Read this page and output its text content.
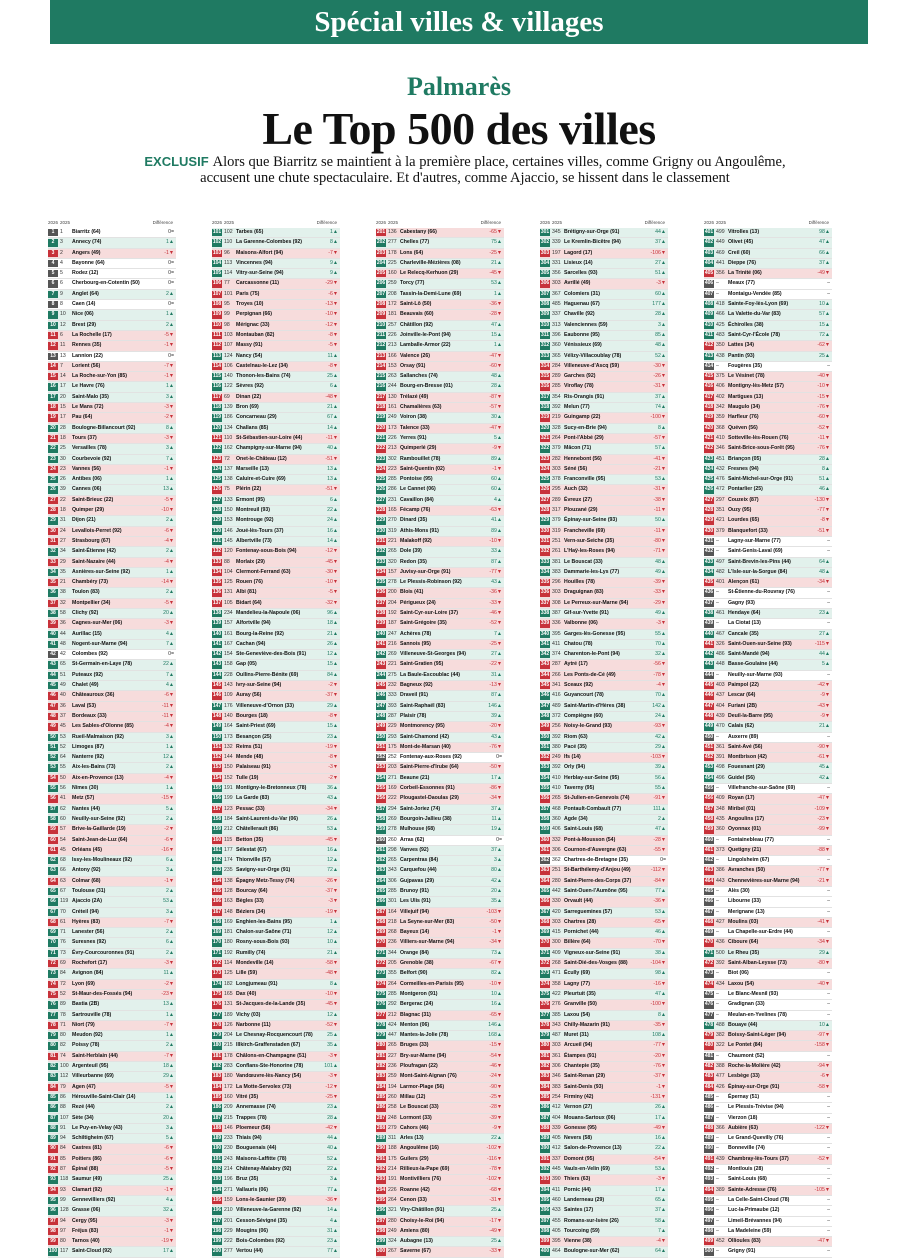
Spécial villes & villages
Palmarès
Le Top 500 des villes
EXCLUSIF Alors que Biarritz se maintient à la première place, certaines villes, comme Grigny ou Angoulême, accusent une chute spectaculaire. Et d'autres, comme Ajaccio, se hissent dans le classement
2026 2025	Différence
1	1 Biarritz (64)	0=
2	3 Annecy (74)	1▲
3	2 Angers (49)	-1▼
4	4 Bayonne (64)	0=
5	5 Rodez (12)	0=
6	6 Cherbourg-en-Cotentin (50)	0=
7	9 Anglet (64)	2▲
8	8 Caen (14)	0=
9	10 Nice (06)	1▲
10 12 Brest (29)	2▲
11 6 La Rochelle (17)	-5▼
12 11 Rennes (35)	-1▼
13 13 Lannion (22)	0=
14 7 Lorient (56)	-7▼
15 14 La Roche-sur-Yon (85)	-1▼
16 17 Le Havre (76)	1▲
17 20 Saint-Malo (35)	3▲
18 15 Le Mans (72)	-3▼
19 17 Pau (64)	-2▼
20 28 Boulogne-Billancourt (92)	8▲
21 18 Tours (37)	-3▼
22 25 Versailles (78)	3▲
23 30 Courbevoie (92)	7▲
24 23 Vannes (56)	-1▼
25 26 Antibes (06)	1▲
26 39 Cannes (06)	13▲
27 22 Saint-Brieuc (22)	-5▼
28 18 Quimper (29)	-10▼
29 31 Dijon (21)	2▲
30 24 Levallois-Perret (92)	-6▼
31 27 Strasbourg (67)	-4▼
32 34 Saint-Étienne (42)	2▲
33 29 Saint-Nazaire (44)	-4▼
34 35 Asnières-sur-Seine (92)	1▲
35 21 Chambéry (73)	-14▼
36 38 Toulon (83)	2▲
37 32 Montpellier (34)	-5▼
38 58 Clichy (92)	20▲
39 36 Cagnes-sur-Mer (06)	-3▼
40 44 Aurillac (15)	4▲
41 48 Nogent-sur-Marne (94)	7▲
42 42 Colombes (92)	0=
43 65 St-Germain-en-Laye (78)	22▲
44 51 Puteaux (92)	7▲
45 49 Chalet (49)	4▲
46 40 Châteauroux (36)	-6▼
47 36 Laval (53)	-11▼
48 37 Bordeaux (33)	-11▼
49 45 Les Sables-d'Olonne (85)	-4▼
50 53 Rueil-Malmaison (92)	3▲
51 52 Limoges (87)	1▲
52 64 Nanterre (92)	12▲
53 55 Aix-les-Bains (73)	2▲
54 50 Aix-en-Provence (13)	-4▼
55 56 Nîmes (30)	1▲
56 41 Metz (57)	-15▼
57 62 Nantes (44)	5▲
58 60 Neuilly-sur-Seine (92)	2▲
59 57 Brive-la-Gaillarde (19)	-2▼
60 54 Saint-Jean-de-Luz (64)	-6▼
61 45 Orléans (45)	-16▼
62 68 Issy-les-Moulineaux (92)	6▲
63 66 Antony (92)	3▲
64 63 Colmar (68)	-1▼
65 67 Toulouse (31)	2▲
66 119 Ajaccio (2A)	53▲
67 70 Créteil (94)	3▲
68 61 Hyères (83)	-7▼
69 71 Lanester (56)	2▲
70 76 Suresnes (92)	6▲
71 73 Évry-Courcouronnes (91)	2▲
72 69 Rochefort (17)	-3▼
73 84 Avignon (84)	11▲
74 72 Lyon (69)	-2▼
75 52 St-Maur-des-Fossés (94)	-23▼
76 89 Bastia (2B)	13▲
77 78 Sartrouville (78)	1▲
78 71 Niort (79)	-7▼
79 80 Meudon (92)	1▲
80 82 Poissy (78)	2▲
81 74 Saint-Herblain (44)	-7▼
82 100 Argenteuil (95)	18▲
83 112 Villeurbanne (69)	29▲
84 79 Agen (47)	-5▼
85 86 Hérouville-Saint-Clair (14)	1▲
86 88 Rezé (44)	2▲
87 107 Sète (34)	20▲
88 91 Le Puy-en-Velay (43)	3▲
89 94 Schiltigheim (67)	5▲
90 84 Castres (81)	-6▼
91 85 Poitiers (86)	-6▼
92 87 Épinal (88)	-5▼
93 118 Saumur (49)	25▲
94 93 Clamart (92)	-1▼
95 99 Gennevilliers (92)	4▲
96 128 Grasse (06)	32▲
97 94 Cergy (95)	-3▼
98 97 Fréjus (83)	-1▼
99 80 Tarnos (40)	-19▼
100 117 Saint-Cloud (92)	17▲
2026 2025	Différence
101 102 Tarbes (65)	1▲
102 110 La Garenne-Colombes (92)	8▲
103 96 Maisons-Alfort (94)	-7▼
104 113 Vincennes (94)	9▲
105 114 Vitry-sur-Seine (94)	9▲
106 77 Carcassonne (11)	-29▼
107 101 Paris (75)	-6▼
108 95 Troyes (10)	-13▼
109 99 Perpignan (66)	-10▼
110 98 Mérignac (33)	-12▼
111 103 Montauban (82)	-8▼
112 107 Massy (91)	-5▼
113 124 Nancy (54)	11▲
114 106 Castelnau-le-Lez (34)	-8▼
115 140 Thonon-les-Bains (74)	25▲
116 122 Sèvres (92)	6▲
117 69 Dinan (22)	-48▼
118 139 Bron (69)	21▲
119 186 Concarneau (29)	67▲
120 134 Challans (85)	14▲
121 110 St-Sébastien-sur-Loire (44)	-11▼
122 162 Champigny-sur-Marne (94)	40▲
123 72 Onet-le-Château (12)	-51▼
124 137 Marseille (13)	13▲
125 138 Caluire-et-Cuire (69)	13▲
126 75 Plérin (22)	-51▼
127 133 Ermont (95)	6▲
128 150 Montreuil (93)	22▲
129 153 Montrouge (92)	24▲
130 146 Joué-lès-Tours (37)	16▲
131 145 Albertville (73)	14▲
132 120 Fontenay-sous-Bois (94)	-12▼
133 88 Morlaix (29)	-45▼
134 104 Clermont-Ferrand (63)	-30▼
135 125 Rouen (76)	-10▼
136 131 Albi (81)	-5▼
137 105 Bidart (64)	-32▼
138 234 Mandelieu-la-Napoule (06)	96▲
139 157 Alfortville (94)	18▲
140 161 Bourg-la-Reine (92)	21▲
141 167 Cachan (94)	26▲
142 154 Ste-Geneviève-des-Bois (91)	12▲
143 158 Gap (05)	15▲
144 228 Oullins-Pierre-Bénite (69)	84▲
145 143 Ivry-sur-Seine (94)	-2▼
146 109 Auray (56)	-37▼
147 176 Villeneuve-d'Ornon (33)	29▲
148 140 Bourges (18)	-8▼
149 164 Saint-Priest (69)	15▲
150 173 Besançon (25)	23▲
151 132 Reims (51)	-19▼
152 144 Mende (48)	-8▼
153 150 Palaiseau (91)	-3▼
154 152 Tulle (19)	-2▼
155 191 Montigny-le-Bretonneux (78)	36▲
156 199 La Garde (83)	43▲
157 123 Pessac (33)	-34▼
158 184 Saint-Laurent-du-Var (06)	26▲
159 212 Châtellerault (86)	53▲
160 115 Betton (35)	-45▼
161 177 Sélestat (67)	16▲
162 174 Thionville (57)	12▲
163 235 Savigny-sur-Orge (91)	72▲
164 138 Épagny Metz-Tessy (74)	-26▼
165 128 Bourcay (64)	-37▼
166 163 Bègles (33)	-3▼
167 148 Béziers (34)	-19▼
168 169 Enghien-les-Bains (95)	1▲
169 181 Chalon-sur-Saône (71)	12▲
170 180 Rosny-sous-Bois (93)	10▲
171 192 Rumilly (74)	21▲
172 114 Mondeville (14)	-58▼
173 125 Lille (59)	-48▼
174 182 Longjumeau (91)	8▲
175 165 Dax (40)	-10▼
176 131 St-Jacques-de-la-Lande (35)	-45▼
177 189 Vichy (03)	12▲
178 126 Narbonne (11)	-52▼
179 204 Le Chesnay-Rocquencourt (78)	25▲
180 215 Illkirch-Graffenstaden (67)	35▲
181 178 Châlons-en-Champagne (51)	-3▼
182 283 Conflans-Ste-Honorine (78)	101▲
183 180 Vandœuvre-lès-Nancy (54)	-3▼
184 172 La Motte-Servolex (73)	-12▼
185 160 Vitré (35)	-25▼
186 209 Annemasse (74)	23▲
187 215 Trappes (78)	28▲
188 146 Ploemeur (56)	-42▼
189 233 Thiais (94)	44▲
190 230 Bouguenais (44)	40▲
191 243 Maisons-Laffitte (78)	52▲
192 214 Châtenay-Malabry (92)	22▲
193 196 Bruz (35)	3▲
194 271 Vallauris (06)	77▲
195 159 Lons-le-Saunier (39)	-36▼
196 210 Villeneuve-la-Garenne (92)	14▲
197 201 Cesson-Sévigné (35)	4▲
198 229 Mougins (06)	31▲
199 222 Bois-Colombes (92)	23▲
200 277 Vertou (44)	77▲
2026 2025	Différence
201 136 Cabestany (66)	-65▼
202 277 Chelles (77)	75▲
203 178 Lons (64)	-25▼
204 225 Charleville-Mézières (08)	21▲
205 160 Le Relecq-Kerhuon (29)	-45▼
206 259 Torcy (77)	53▲
207 208 Tassin-la-Demi-Lune (69)	1▲
208 172 Saint-Lô (50)	-36▼
209 181 Beauvais (60)	-28▼
210 257 Châtillon (92)	47▲
211 226 Joinville-le-Pont (94)	15▲
212 213 Lamballe-Armor (22)	1▲
213 166 Valence (26)	-47▼
214 153 Orsay (91)	-60▼
215 263 Sallanches (74)	48▲
216 244 Bourg-en-Bresse (01)	28▲
217 130 Trélazé (49)	-87▼
218 161 Chamalières (63)	-57▼
219 249 Voiron (38)	30▲
220 173 Talence (33)	-47▼
221 226 Yerres (91)	5▲
222 213 Quimperlé (29)	-9▼
223 302 Rambouillet (78)	89▲
224 223 Saint-Quentin (02)	-1▼
225 285 Pontoise (95)	60▲
226 286 Le Cannet (06)	60▲
227 231 Cavaillon (84)	4▲
228 165 Fécamp (76)	-63▼
229 270 Dinard (35)	41▲
230 319 Athis-Mons (91)	89▲
231 221 Malakoff (92)	-10▼
232 265 Dole (39)	33▲
233 320 Redon (35)	87▲
234 157 Juvisy-sur-Orge (91)	-77▼
235 278 Le Plessis-Robinson (92)	43▲
236 200 Blois (41)	-36▼
237 204 Périgueux (24)	-33▼
238 192 Saint-Cyr-sur-Loire (37)	-46▼
239 187 Saint-Grégoire (35)	-52▼
240 247 Achères (78)	7▲
241 216 Sannois (95)	-25▼
242 269 Villeneuve-St-Georges (94)	27▲
243 221 Saint-Gratien (95)	-22▼
244 275 La Baule-Escoublac (44)	31▲
245 232 Bagneux (92)	-13▼
246 333 Draveil (91)	87▲
247 393 Saint-Raphaël (83)	146▲
248 287 Plaisir (78)	39▲
249 229 Montmorency (95)	-20▼
250 293 Saint-Chamond (42)	43▲
251 175 Mont-de-Marsan (40)	-76▼
252 252 Fontenay-aux-Roses (92)	0=
253 203 Saint-Pierre-d'Irube (64)	-50▼
254 271 Beaune (21)	17▲
255 169 Corbeil-Essonnes (91)	-86▼
256 222 Plougastel-Daoulas (29)	-34▼
257 294 Saint-Joriez (74)	37▲
258 269 Bourgoin-Jallieu (38)	11▲
259 278 Mulhouse (68)	19▲
260 260 Arras (62)	0=
261 298 Vanves (92)	37▲
262 265 Carpentras (84)	3▲
263 343 Carquefou (44)	80▲
264 306 Gujpavas (29)	42▲
265 285 Brunoy (91)	20▲
266 301 Les Ulis (91)	35▲
267 164 Villejuif (94)	-103▼
268 218 La Seyne-sur-Mer (83)	-50▼
269 268 Bayeux (14)	-1▼
270 236 Villiers-sur-Marne (94)	-34▼
271 344 Orange (84)	73▲
272 205 Grenoble (38)	-67▼
273 355 Belfort (90)	82▲
274 264 Cormeilles-en-Parisis (95)	-10▼
275 285 Montgeron (91)	10▲
276 292 Bergerac (24)	16▲
277 212 Blagnac (31)	-65▼
278 424 Menton (06)	146▲
279 447 Mantes-la-Jolie (78)	168▲
280 265 Bruges (33)	-15▼
281 227 Bry-sur-Marne (94)	-54▼
282 236 Ploufragan (22)	-46▼
283 259 Mont-Saint-Aignan (76)	-24▼
284 194 Larmor-Plage (56)	-90▼
285 260 Millau (12)	-25▼
286 258 Le Bouscat (33)	-28▼
287 248 Lormont (33)	-39▼
288 279 Cahors (46)	-9▼
289 311 Arles (13)	22▲
290 188 Angoulême (16)	-102▼
291 175 Guilers (29)	-116▼
292 214 Rillieux-la-Pape (69)	-78▼
293 191 Montivilliers (76)	-102▼
294 226 Roanne (42)	-68▼
295 264 Cenon (33)	-31▼
296 321 Viry-Châtillon (91)	25▲
297 280 Choisy-le-Roi (94)	-17▼
298 249 Amiens (80)	-49▼
299 324 Aubagne (13)	25▲
300 267 Saverne (67)	-33▼
2026 2025	Différence
301 345 Brétigny-sur-Orge (91)	44▲
302 339 Le Kremlin-Bicêtre (94)	37▲
303 197 Lagord (17)	-106▼
304 331 Lisieux (14)	27▲
305 356 Sarcelles (93)	51▲
306 303 Avrillé (49)	-3▼
307 367 Colomiers (31)	60▲
308 485 Haguenau (67)	177▲
309 337 Chaville (92)	28▲
310 313 Valenciennes (59)	3▲
311 396 Eaubonne (95)	85▲
312 360 Vénissieux (69)	48▲
313 365 Vélizy-Villacoublay (78)	52▲
314 284 Villeneuve-d'Ascq (59)	-30▼
315 289 Garches (92)	-26▼
316 285 Viroflay (78)	-31▼
317 354 Ris-Orangis (91)	37▲
318 392 Melun (77)	74▲
319 219 Guingamp (22)	-100▼
320 328 Sucy-en-Brie (94)	8▲
321 264 Pont-l'Abbé (29)	-57▼
322 379 Mâcon (71)	57▲
323 282 Hennebont (56)	-41▼
324 303 Séné (56)	-21▼
325 378 Franconville (95)	53▲
326 295 Auch (32)	-31▼
327 289 Évreux (27)	-38▼
328 317 Plouzané (29)	-11▼
329 379 Épinay-sur-Seine (93)	50▲
330 319 Francheville (69)	-11▼
331 251 Vern-sur-Seiche (35)	-80▼
332 261 L'Haÿ-les-Roses (94)	-71▼
333 381 Le Bouscat (33)	48▲
334 383 Dammarie-les-Lys (77)	49▲
335 296 Houilles (78)	-39▼
336 303 Draguignan (83)	-33▼
337 308 Le Perreux-sur-Marne (94)	-29▼
338 387 Gif-sur-Yvette (91)	49▲
339 336 Valbonne (06)	-3▼
340 395 Garges-lès-Gonesse (95)	55▲
341 411 Chatou (78)	70▲
342 374 Charenton-le-Pont (94)	32▲
343 287 Aytré (17)	-56▼
344 266 Les Ponts-de-Cé (49)	-78▼
345 341 Sceaux (92)	-4▼
346 416 Guyancourt (78)	70▲
347 489 Saint-Martin-d'Hères (38)	142▲
348 372 Compiègne (60)	24▲
349 256 Noisy-le-Grand (93)	-93▼
350 392 Riom (63)	42▲
351 380 Pacé (35)	29▲
352 249 Ifs (14)	-103▼
353 392 Orly (94)	39▲
354 410 Herblay-sur-Seine (95)	56▲
355 410 Taverny (95)	55▲
356 265 St-Julien-en-Genevois (74)	-91▼
357 468 Pontault-Combault (77)	111▲
358 360 Agde (34)	2▲
359 406 Saint-Louis (68)	47▲
360 332 Pont-à-Mousson (54)	-28▼
361 306 Cournon-d'Auvergne (63)	-55▼
362 362 Chartres-de-Bretagne (35)	0=
363 251 St-Barthélemy-d'Anjou (49)	-112▼
364 280 Saint-Pierre-des-Corps (37)	-84▼
365 442 Saint-Ouen-l'Aumône (95)	77▲
366 330 Orvault (44)	-36▼
367 420 Sarreguemines (57)	53▲
368 303 Chartres (28)	-65▼
369 415 Pornichet (44)	46▲
370 300 Billère (64)	-70▼
371 409 Vigneux-sur-Seine (91)	38▲
372 268 Saint-Dié-des-Vosges (88)	-104▼
373 471 Écully (69)	98▲
374 358 Lagny (77)	-16▼
375 422 Pleurtuit (35)	47▲
376 276 Granville (50)	-100▼
377 385 Laxou (54)	8▲
378 343 Chilly-Mazarin (91)	-35▼
379 487 Muret (31)	108▲
380 303 Arcueil (94)	-77▼
381 361 Étampes (91)	-20▼
382 306 Chantepie (35)	-76▼
383 346 Saint-Renan (29)	-37▼
384 383 Saint-Denis (93)	-1▼
385 254 Firminy (42)	-131▼
386 412 Vernon (27)	26▲
387 404 Mouans-Sartoux (06)	17▲
388 339 Gonesse (95)	-49▼
389 405 Nevers (58)	16▲
390 412 Salon-de-Provence (13)	22▲
391 337 Domont (95)	-54▼
392 445 Vaulx-en-Velin (69)	53▲
393 390 Thiers (63)	-3▼
394 411 Pornic (44)	17▲
395 460 Landerneau (29)	65▲
396 433 Saintes (17)	37▲
397 455 Romans-sur-Isère (26)	58▲
398 405 Tourcoing (59)	7▲
399 395 Vienne (38)	-4▼
400 464 Boulogne-sur-Mer (62)	64▲
2026 2025	Différence
401 499 Vitrolles (13)	98▲
402 449 Olivet (45)	47▲
403 469 Creil (60)	66▲
404 441 Dieppe (76)	37▲
405 356 La Trinité (06)	-49▼
406 – Meaux (77)	–
407 – Montaigu-Vendée (85)	–
408 418 Sainte-Foy-lès-Lyon (69)	10▲
409 466 La Valette-du-Var (83)	57▲
410 425 Échirolles (38)	15▲
411 483 Saint-Cyr-l'École (78)	72▲
412 350 Lattes (34)	-62▼
413 438 Pantin (93)	25▲
414 – Fougères (35)	–
415 375 Le Vésinet (78)	-40▼
416 406 Montigny-lès-Metz (57)	-10▼
417 402 Martigues (13)	-15▼
418 342 Maugulo (34)	-76▼
419 359 Harfleur (76)	-60▼
420 368 Quéven (56)	-52▼
421 410 Sotteville-lès-Rouen (76)	-11▼
422 346 Saint-Brice-sous-Forêt (95)	-76▼
423 451 Briançon (05)	28▲
424 432 Fresnes (94)	8▲
425 476 Saint-Michel-sur-Orge (91)	51▲
426 472 Pontarlier (25)	46▲
427 297 Couzeix (87)	-130▼
428 351 Ouzy (95)	-77▼
429 421 Lourdes (65)	-8▼
430 379 Blanquefort (33)	-51▼
431 – Lagny-sur-Marne (77)	–
432 – Saint-Genis-Laval (69)	–
433 497 Saint-Brevin-les-Pins (44)	64▲
434 482 L'Isle-sur-la-Sorgue (84)	48▲
435 401 Alençon (61)	-34▼
436 – St-Étienne-du-Rouvray (76)	–
437 – Gagny (93)	–
438 461 Hendaye (64)	23▲
439 – La Ciotat (13)	–
440 467 Cancale (35)	27▲
441 326 Saint-Ouen-sur-Seine (93)	-115▼
442 486 Saint-Mandé (94)	44▲
443 448 Basse-Goulaine (44)	5▲
444 – Neuilly-sur-Marne (93)	–
445 403 Paimpol (22)	-42▼
446 437 Lescar (64)	-9▼
447 404 Furiani (2B)	-43▼
448 439 Deuil-la-Barre (95)	-9▼
449 470 Calais (62)	21▲
450 – Auxerre (89)	–
451 361 Saint-Avé (56)	-90▼
452 391 Montbrison (42)	-61▼
453 498 Fouesnant (29)	45▲
454 496 Guidel (56)	42▲
455 – Villefranche-sur-Saône (69)	–
456 409 Royan (17)	-47▼
457 348 Miribel (01)	-109▼
458 435 Angoulins (17)	-23▼
459 360 Oyonnax (01)	-99▼
460 – Fontainebleau (77)	–
461 373 Quetigny (21)	-88▼
462 – Lingolsheim (67)	–
463 386 Avranches (50)	-77▼
464 443 Chennevières-sur-Marne (94)	-21▼
465 – Alès (30)	–
466 – Libourne (33)	–
467 – Merignane (13)	–
468 427 Moulins (03)	-41▼
469 – La Chapelle-sur-Erdre (44)	–
470 436 Ciboure (64)	-34▼
471 500 Le Rheu (35)	29▲
472 392 Saint-Alban-Leysse (73)	-80▼
473 – Biot (06)	–
474 434 Laxou (54)	-40▼
475 – Le Blanc-Mesnil (93)	–
476 – Gradignan (33)	–
477 – Meulan-en-Yvelines (78)	–
478 488 Bouaye (44)	10▲
479 382 Boissy-Saint-Léger (94)	-97▼
480 322 Le Pontet (84)	-158▼
481 – Chaumont (52)	–
482 388 Roche-la-Molière (42)	-94▼
483 477 Lesbège (33)	-6▼
484 426 Épinay-sur-Orge (91)	-58▼
485 – Épernay (51)	–
486 – Le Plessis-Trévise (94)	–
487 – Vierzon (18)	–
488 366 Aubière (63)	-122▼
489 – Le Grand-Quevilly (76)	–
490 – Bonneville (74)	–
491 439 Chambray-lès-Tours (37)	-52▼
492 – Montlouis (28)	–
493 – Saint-Louis (68)	–
494 389 Sainte-Adresse (76)	-105▼
495 – La Celle-Saint-Cloud (78)	–
496 – Luc-la-Primaube (12)	–
497 – Limeil-Brévannes (94)	–
498 – La Madeleine (59)	–
499 452 Ollioules (83)	-47▼
500 – Grigny (91)	–
